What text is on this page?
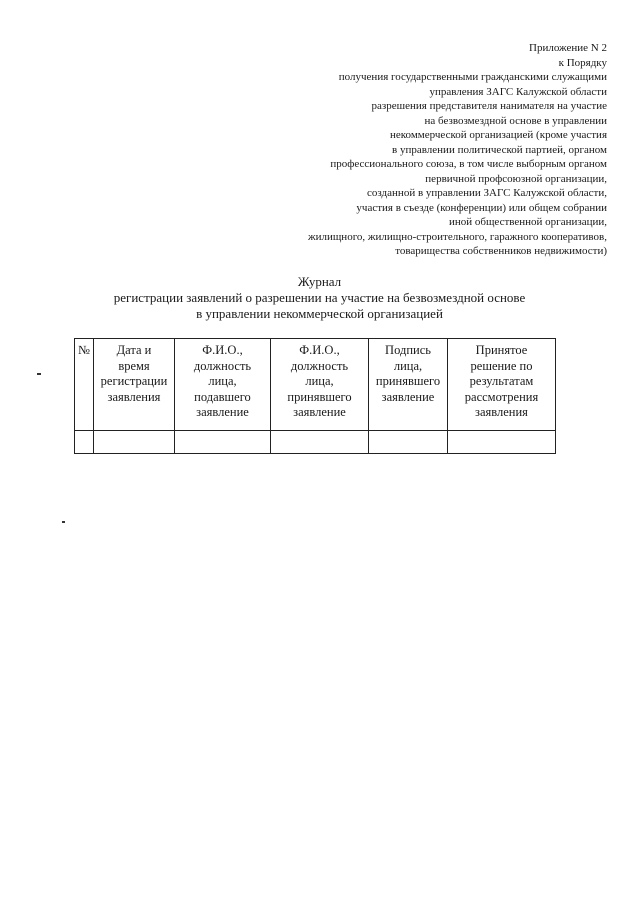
Приложение N 2
к Порядку
получения государственными гражданскими служащими
управления ЗАГС Калужской области
разрешения представителя нанимателя на участие
на безвозмездной основе в управлении
некоммерческой организацией (кроме участия
в управлении политической партией, органом
профессионального союза, в том числе выборным органом
первичной профсоюзной организации,
созданной в управлении ЗАГС Калужской области,
участия в съезде (конференции) или общем собрании
иной общественной организации,
жилищного, жилищно-строительного, гаражного кооперативов,
товарищества собственников недвижимости)
Журнал
регистрации заявлений о разрешении на участие на безвозмездной основе
в управлении некоммерческой организацией
№	Дата и
время
регистрации
заявления	Ф.И.О.,
должность
лица,
подавшего
заявление	Ф.И.О.,
должность
лица,
принявшего
заявление	Подпись
лица,
принявшего
заявление	Принятое
решение по
результатам
рассмотрения
заявления
